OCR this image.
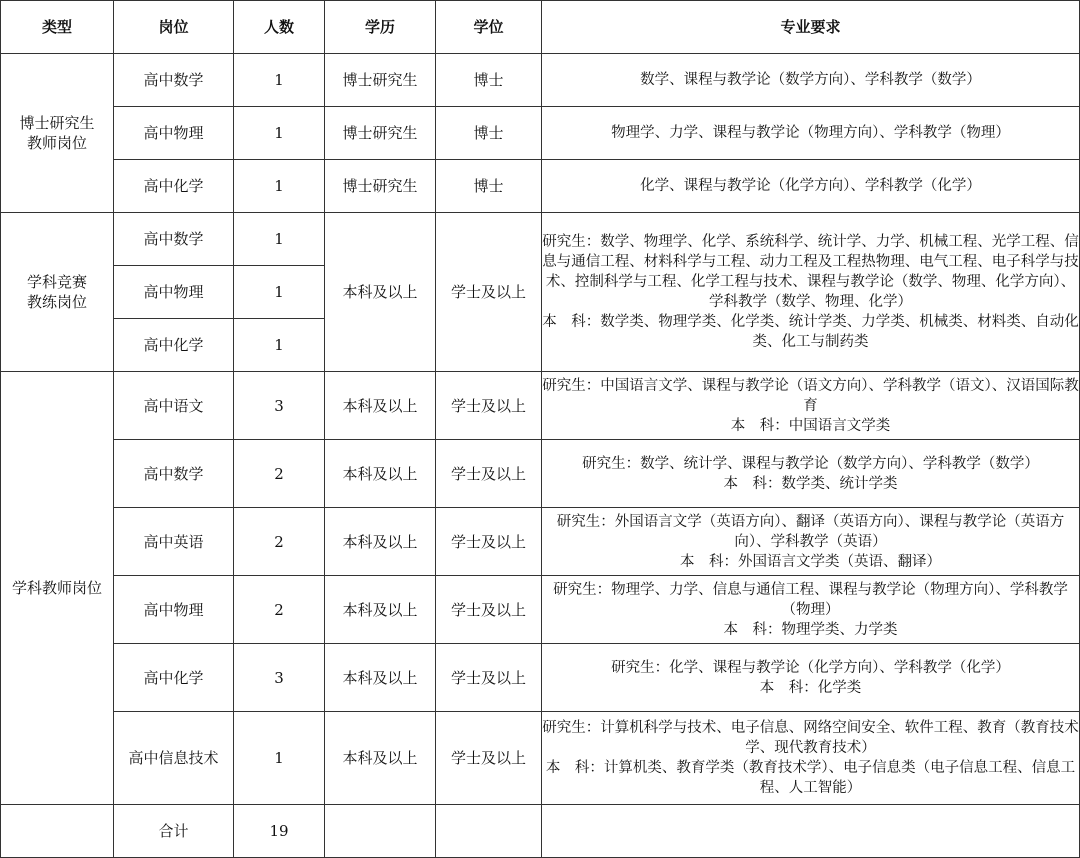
类型	岗位	人数	学历	学位	专业要求

博士研究生
教师岗位	高中数学	1	博士研究生	博士	数学、课程与教学论（数学方向）、学科教学（数学）
	高中物理	1	博士研究生	博士	物理学、力学、课程与教学论（物理方向）、学科教学（物理）
	高中化学	1	博士研究生	博士	化学、课程与教学论（化学方向）、学科教学（化学）

学科竞赛
教练岗位	高中数学	1	本科及以上	学士及以上	研究生：数学、物理学、化学、系统科学、统计学、力学、机械工程、光学工程、信息与通信工程、材料科学与工程、动力工程及工程热物理、电气工程、电子科学与技术、控制科学与工程、化学工程与技术、课程与教学论（数学、物理、化学方向）、学科教学（数学、物理、化学）
本　科：数学类、物理学类、化学类、统计学类、力学类、机械类、材料类、自动化类、化工与制药类

	高中物理	1			
	高中化学	1			
学科教师岗位	高中语文	3	本科及以上	学士及以上	研究生：中国语言文学、课程与教学论（语文方向）、学科教学（语文）、汉语国际教育
本　科：中国语言文学类

	高中数学	2	本科及以上	学士及以上	研究生：数学、统计学、课程与教学论（数学方向）、学科教学（数学）
本　科：数学类、统计学类

	高中英语	2	本科及以上	学士及以上	研究生：外国语言文学（英语方向）、翻译（英语方向）、课程与教学论（英语方向）、学科教学（英语）
本　科：外国语言文学类（英语、翻译）

	高中物理	2	本科及以上	学士及以上	研究生：物理学、力学、信息与通信工程、课程与教学论（物理方向）、学科教学（物理）
本　科：物理学类、力学类

	高中化学	3	本科及以上	学士及以上	研究生：化学、课程与教学论（化学方向）、学科教学（化学）
本　科：化学类

	高中信息技术	1	本科及以上	学士及以上	研究生：计算机科学与技术、电子信息、网络空间安全、软件工程、教育（教育技术学、现代教育技术）
本　科：计算机类、教育学类（教育技术学）、电子信息类（电子信息工程、信息工程、人工智能）

	合计	19			
